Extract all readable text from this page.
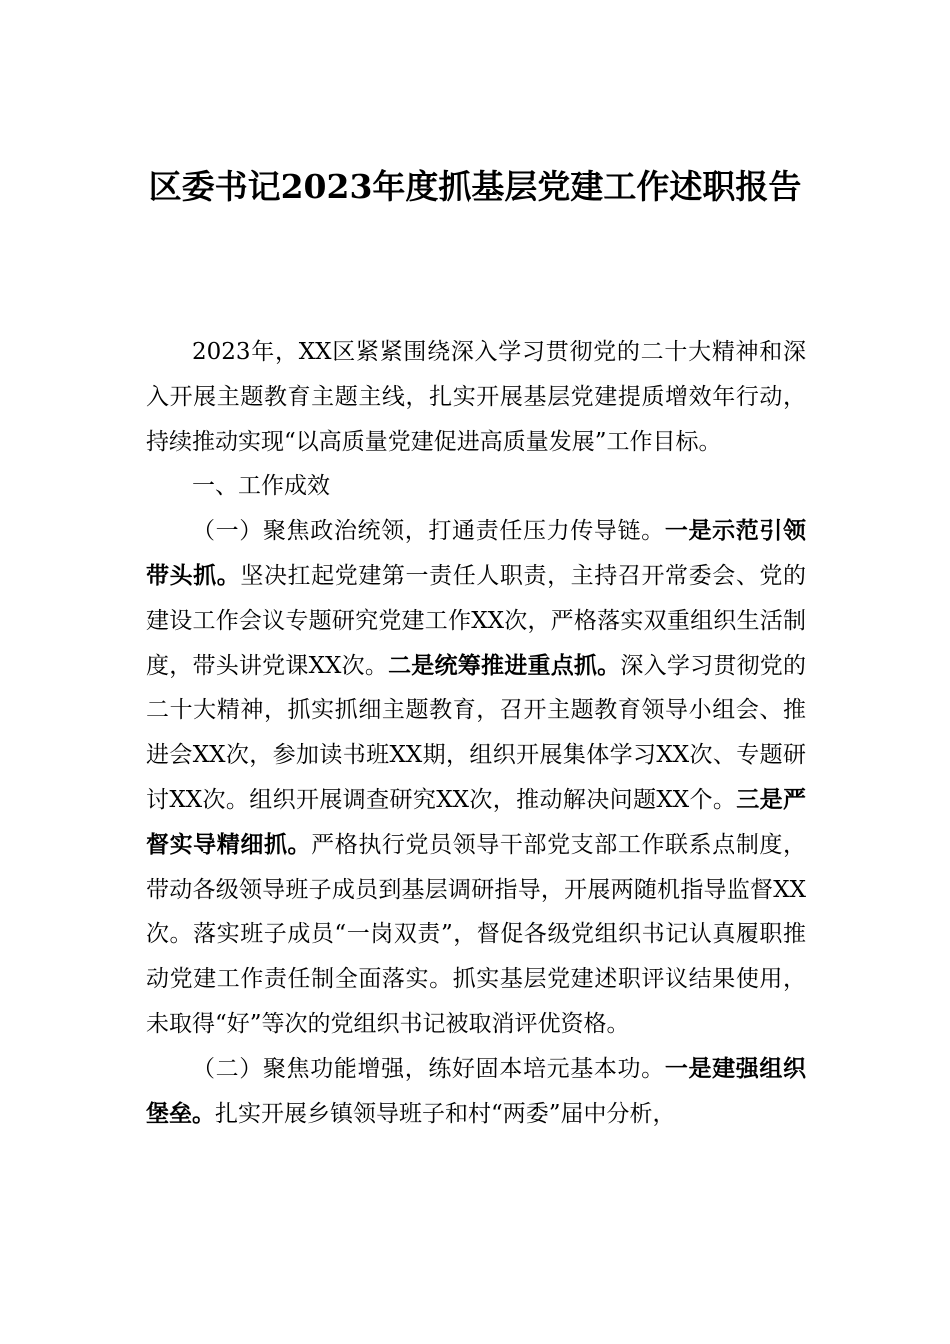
区委书记2023年度抓基层党建工作述职报告

2023年，XX区紧紧围绕深入学习贯彻党的二十大精神和深入开展主题教育主题主线，扎实开展基层党建提质增效年行动，持续推动实现“以高质量党建促进高质量发展”工作目标。

一、工作成效

（一）聚焦政治统领，打通责任压力传导链。一是示范引领带头抓。坚决扛起党建第一责任人职责，主持召开常委会、党的建设工作会议专题研究党建工作XX次，严格落实双重组织生活制度，带头讲党课XX次。二是统筹推进重点抓。深入学习贯彻党的二十大精神，抓实抓细主题教育，召开主题教育领导小组会、推进会XX次，参加读书班XX期，组织开展集体学习XX次、专题研讨XX次。组织开展调查研究XX次，推动解决问题XX个。三是严督实导精细抓。严格执行党员领导干部党支部工作联系点制度，带动各级领导班子成员到基层调研指导，开展两随机指导监督XX次。落实班子成员“一岗双责”，督促各级党组织书记认真履职推动党建工作责任制全面落实。抓实基层党建述职评议结果使用，未取得“好”等次的党组织书记被取消评优资格。

（二）聚焦功能增强，练好固本培元基本功。一是建强组织堡垒。扎实开展乡镇领导班子和村“两委”届中分析，
